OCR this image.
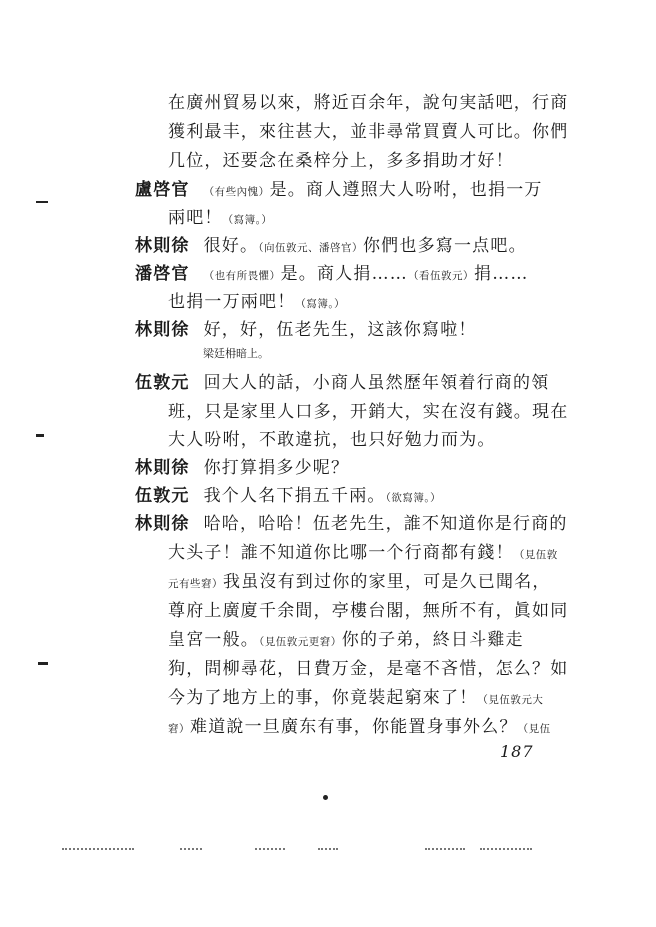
在廣州貿易以來，將近百余年，說句実話吧，行商
獲利最丰，來往甚大，並非尋常買賣人可比。你們
几位，还要念在桑梓分上，多多捐助才好！
盧啓官 （有些內愧）是。商人遵照大人吩咐，也捐一万
兩吧！（寫簿。）
林則徐 很好。（向伍敦元、潘啓官）你們也多寫一点吧。
潘啓官 （也有所畏懼）是。商人捐……（看伍敦元）捐……
也捐一万兩吧！（寫簿。）
林則徐 好，好，伍老先生，这該你寫啦！
梁廷枏暗上。
伍敦元 回大人的話，小商人虽然歷年領着行商的領
班，只是家里人口多，开銷大，实在沒有錢。現在
大人吩咐，不敢違抗，也只好勉力而为。
林則徐 你打算捐多少呢？
伍敦元 我个人名下捐五千兩。（欲寫簿。）
林則徐 哈哈，哈哈！伍老先生，誰不知道你是行商的
大头子！誰不知道你比哪一个行商都有錢！（見伍敦
元有些窘）我虽沒有到过你的家里，可是久已聞名，
尊府上廣廈千余間，亭樓台閣，無所不有，眞如同
皇宮一般。（見伍敦元更窘）你的子弟，終日斗雞走
狗，問柳尋花，日費万金，是毫不吝惜，怎么？如
今为了地方上的事，你竟裝起窮來了！（見伍敦元大
窘）难道說一旦廣东有事，你能置身事外么？（見伍
187
